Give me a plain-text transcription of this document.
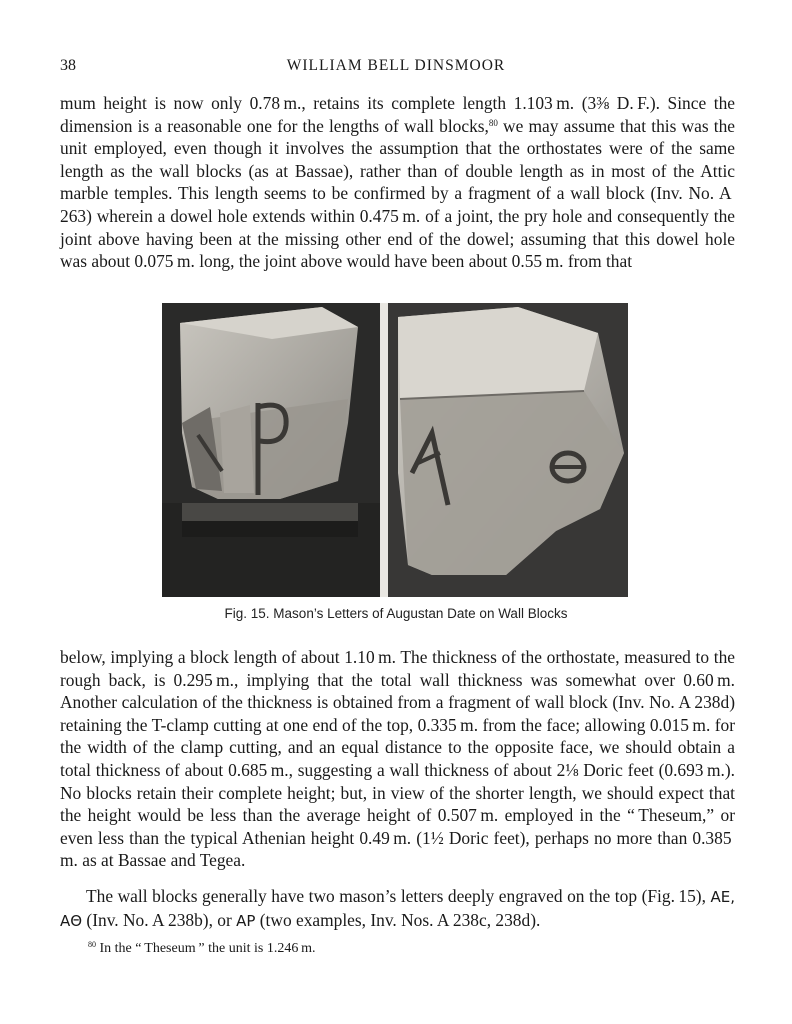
38	WILLIAM BELL DINSMOOR

mum height is now only 0.78 m., retains its complete length 1.103 m. (3⅜ D. F.). Since the dimension is a reasonable one for the lengths of wall blocks,$^{80}$ we may assume that this was the unit employed, even though it involves the assumption that the orthostates were of the same length as the wall blocks (as at Bassae), rather than of double length as in most of the Attic marble temples. This length seems to be confirmed by a fragment of a wall block (Inv. No. A 263) wherein a dowel hole extends within 0.475 m. of a joint, the pry hole and consequently the joint above having been at the missing other end of the dowel; assuming that this dowel hole was about 0.075 m. long, the joint above would have been about 0.55 m. from that

Fig. 15. Mason’s Letters of Augustan Date on Wall Blocks

below, implying a block length of about 1.10 m. The thickness of the orthostate, measured to the rough back, is 0.295 m., implying that the total wall thickness was somewhat over 0.60 m. Another calculation of the thickness is obtained from a fragment of wall block (Inv. No. A 238d) retaining the T-clamp cutting at one end of the top, 0.335 m. from the face; allowing 0.015 m. for the width of the clamp cutting, and an equal distance to the opposite face, we should obtain a total thickness of about 0.685 m., suggesting a wall thickness of about 2⅛ Doric feet (0.693 m.). No blocks retain their complete height; but, in view of the shorter length, we should expect that the height would be less than the average height of 0.507 m. employed in the “ Theseum,” or even less than the typical Athenian height 0.49 m. (1½ Doric feet), perhaps no more than 0.385 m. as at Bassae and Tegea.

The wall blocks generally have two mason’s letters deeply engraved on the top (Fig. 15), ΑΕ, ΑΘ (Inv. No. A 238b), or ΑΡ (two examples, Inv. Nos. A 238c, 238d).

$^{80}$ In the “ Theseum ” the unit is 1.246 m.
